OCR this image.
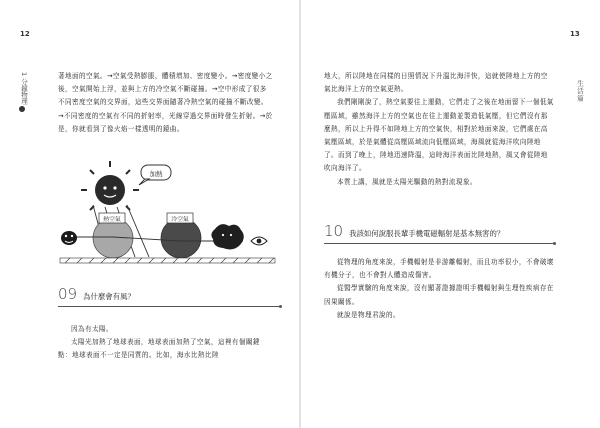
12
1 分鐘物理	著地面的空氣。→空氣受熱膨脹，體積增加、密度變小。→密度變小之後，空氣開始上浮，並與上方的冷空氣不斷碰撞。→空中形成了很多不同密度空氣的交界面，這些交界面隨著冷熱空氣的碰撞不斷改變。→不同密度的空氣有不同的折射率，光線穿過交界面時發生折射。→於是，你就看到了像火焰一樣透明的鏡曲。

加熱
熱空氣	冷空氣
09 為什麼會有風？

因為有太陽。

太陽光加熱了地球表面，地球表面加熱了空氣，這裡有個關鍵點：地球表面不一定是同質的。比如，海水比熱比陸

13
生活篇

地大，所以陸地在同樣的日照情況下升溫比海洋快，這就使陸地上方的空氣比海洋上方的空氣更熱。

我們剛剛說了，熱空氣要往上運動，它們走了之後在地面留下一個低氣壓區域，雖然海洋上方的空氣也在往上運動並製造低氣壓，但它們沒有那麼熱，所以上升得不如陸地上方的空氣快，相對於地面來說，它們處在高氣壓區域，於是氣體從高壓區域流向低壓區域，海風就從海洋吹向陸地了。而到了晚上，陸地迅速降溫，這時海洋表面比陸地熱，風又會從陸地吹向海洋了。

本質上講，風就是太陽光驅動的熱對流現象。

10 我該如何說服長輩手機電磁輻射是基本無害的？

從物理的角度來說，手機輻射是非游離輻射，而且功率很小，不會破壞有機分子，也不會對人體造成傷害。

從醫學實驗的角度來說，沒有顯著證據證明手機輻射與生理性疾病存在因果關係。

就說是物理君說的。
